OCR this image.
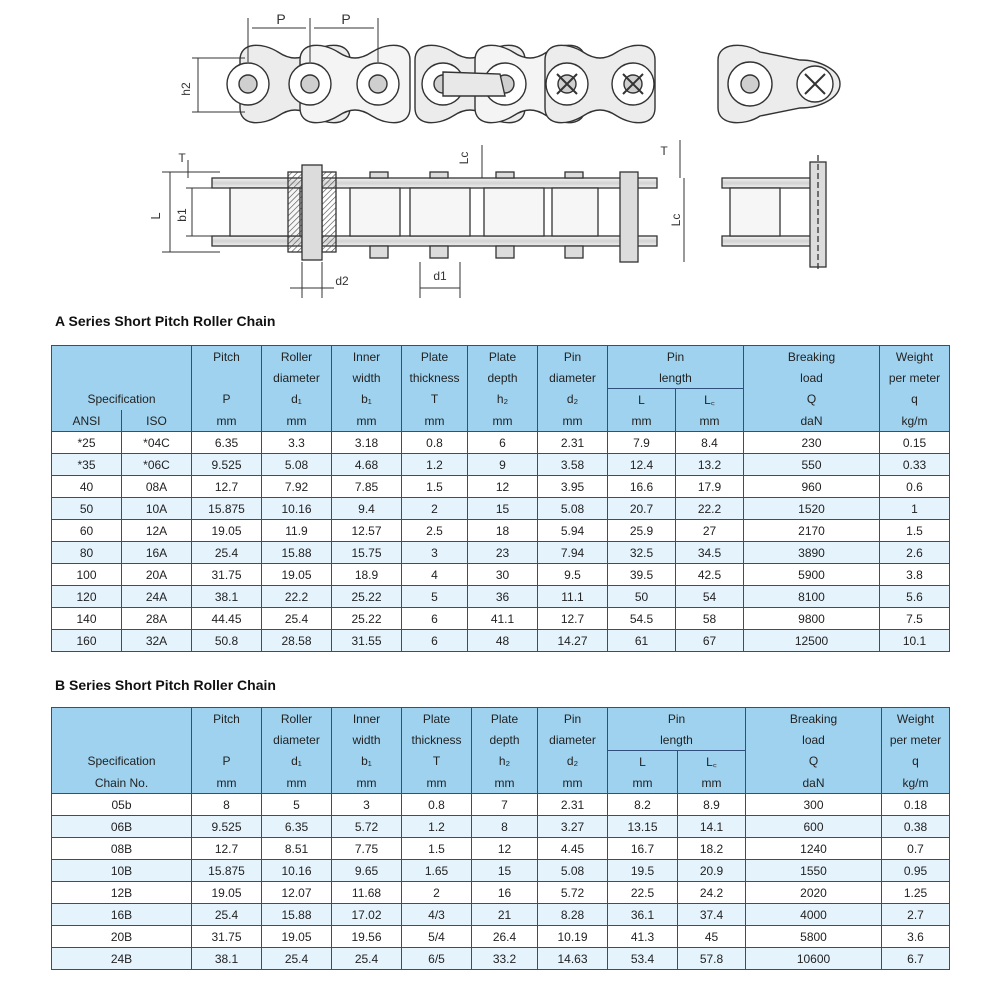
P	P
h2
T	Lc	T
L b1
d2	d1
Lc
A Series Short Pitch Roller Chain
		Pitch	Roller	Inner	Plate	Plate	Pin	Pin		Breaking	Weight
			diameter	width	thickness	depth	diameter	length		load	per meter
Specification		P	d₁	b₁	T	h₂	d₂	L	L꜀	Q	q
ANSI	ISO	mm	mm	mm	mm	mm	mm	mm	mm	daN	kg/m
*25	*04C	6.35	3.3	3.18	0.8	6	2.31	7.9	8.4	230	0.15
*35	*06C	9.525	5.08	4.68	1.2	9	3.58	12.4	13.2	550	0.33
40	08A	12.7	7.92	7.85	1.5	12	3.95	16.6	17.9	960	0.6
50	10A	15.875	10.16	9.4	2	15	5.08	20.7	22.2	1520	1
60	12A	19.05	11.9	12.57	2.5	18	5.94	25.9	27	2170	1.5
80	16A	25.4	15.88	15.75	3	23	7.94	32.5	34.5	3890	2.6
100	20A	31.75	19.05	18.9	4	30	9.5	39.5	42.5	5900	3.8
120	24A	38.1	22.2	25.22	5	36	11.1	50	54	8100	5.6
140	28A	44.45	25.4	25.22	6	41.1	12.7	54.5	58	9800	7.5
160	32A	50.8	28.58	31.55	6	48	14.27	61	67	12500	10.1
B Series Short Pitch Roller Chain
	Pitch	Roller	Inner	Plate	Plate	Pin	Pin		Breaking	Weight
		diameter	width	thickness	depth	diameter	length		load	per meter
Specification	P	d₁	b₁	T	h₂	d₂	L	L꜀	Q	q
Chain No.	mm	mm	mm	mm	mm	mm	mm	mm	daN	kg/m
05b	8	5	3	0.8	7	2.31	8.2	8.9	300	0.18
06B	9.525	6.35	5.72	1.2	8	3.27	13.15	14.1	600	0.38
08B	12.7	8.51	7.75	1.5	12	4.45	16.7	18.2	1240	0.7
10B	15.875	10.16	9.65	1.65	15	5.08	19.5	20.9	1550	0.95
12B	19.05	12.07	11.68	2	16	5.72	22.5	24.2	2020	1.25
16B	25.4	15.88	17.02	4/3	21	8.28	36.1	37.4	4000	2.7
20B	31.75	19.05	19.56	5/4	26.4	10.19	41.3	45	5800	3.6
24B	38.1	25.4	25.4	6/5	33.2	14.63	53.4	57.8	10600	6.7
